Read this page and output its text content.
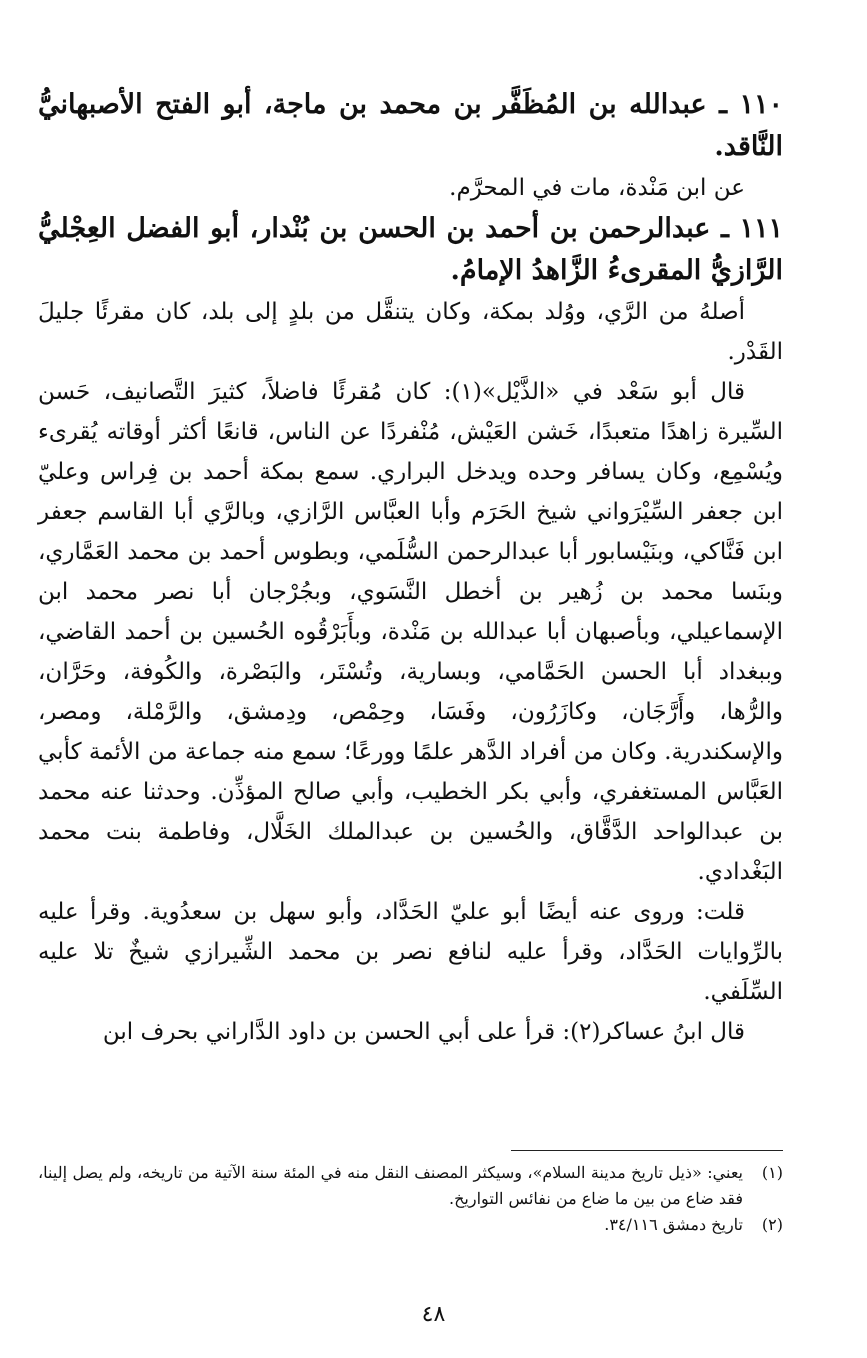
١١٠ ـ عبدالله بن المُظَفَّر بن محمد بن ماجة، أبو الفتح الأصبهانيُّ النَّاقد.

عن ابن مَنْدة، مات في المحرَّم.

١١١ ـ عبدالرحمن بن أحمد بن الحسن بن بُنْدار، أبو الفضل العِجْليُّ الرَّازيُّ المقرىءُ الزَّاهدُ الإمامُ.

أصلهُ من الرَّي، ووُلد بمكة، وكان يتنقَّل من بلدٍ إلى بلد، كان مقرئًا جليلَ القَدْر.

قال أبو سَعْد في «الذَّيْل»(١): كان مُقرئًا فاضلاً، كثيرَ التَّصانيف، حَسن السِّيرة زاهدًا متعبدًا، خَشن العَيْش، مُنْفردًا عن الناس، قانعًا أكثر أوقاته يُقرىء ويُسْمِع، وكان يسافر وحده ويدخل البراري. سمع بمكة أحمد بن فِراس وعليّ ابن جعفر السِّيْرَواني شيخ الحَرَم وأبا العبَّاس الرَّازي، وبالرَّي أبا القاسم جعفر ابن فَنَّاكي، وبنَيْسابور أبا عبدالرحمن السُّلَمي، وبطوس أحمد بن محمد العَمَّاري، وبنَسا محمد بن زُهير بن أخطل النَّسَوي، وبجُرْجان أبا نصر محمد ابن الإسماعيلي، وبأصبهان أبا عبدالله بن مَنْدة، وبأَبَرْقُوه الحُسين بن أحمد القاضي، وببغداد أبا الحسن الحَمَّامي، وبسارية، وتُسْتَر، والبَصْرة، والكُوفة، وحَرَّان، والرُّها، وأَرَّجَان، وكازَرُون، وفَسَا، وحِمْص، ودِمشق، والرَّمْلة، ومصر، والإسكندرية. وكان من أفراد الدَّهر علمًا وورعًا؛ سمع منه جماعة من الأئمة كأبي العَبَّاس المستغفري، وأبي بكر الخطيب، وأبي صالح المؤذِّن. وحدثنا عنه محمد بن عبدالواحد الدَّقَّاق، والحُسين بن عبدالملك الخَلَّال، وفاطمة بنت محمد البَغْدادي.

قلت: وروى عنه أيضًا أبو عليّ الحَدَّاد، وأبو سهل بن سعدُوية. وقرأ عليه بالرِّوايات الحَدَّاد، وقرأ عليه لنافع نصر بن محمد الشِّيرازي شيخٌ تلا عليه السِّلَفي.

قال ابنُ عساكر(٢): قرأ على أبي الحسن بن داود الدَّاراني بحرف ابن

(١)
يعني: «ذيل تاريخ مدينة السلام»، وسيكثر المصنف النقل منه في المئة سنة الآتية من تاريخه، ولم يصل إلينا، فقد ضاع من بين ما ضاع من نفائس التواريخ.

(٢)
تاريخ دمشق ٣٤/١١٦.

٤٨
